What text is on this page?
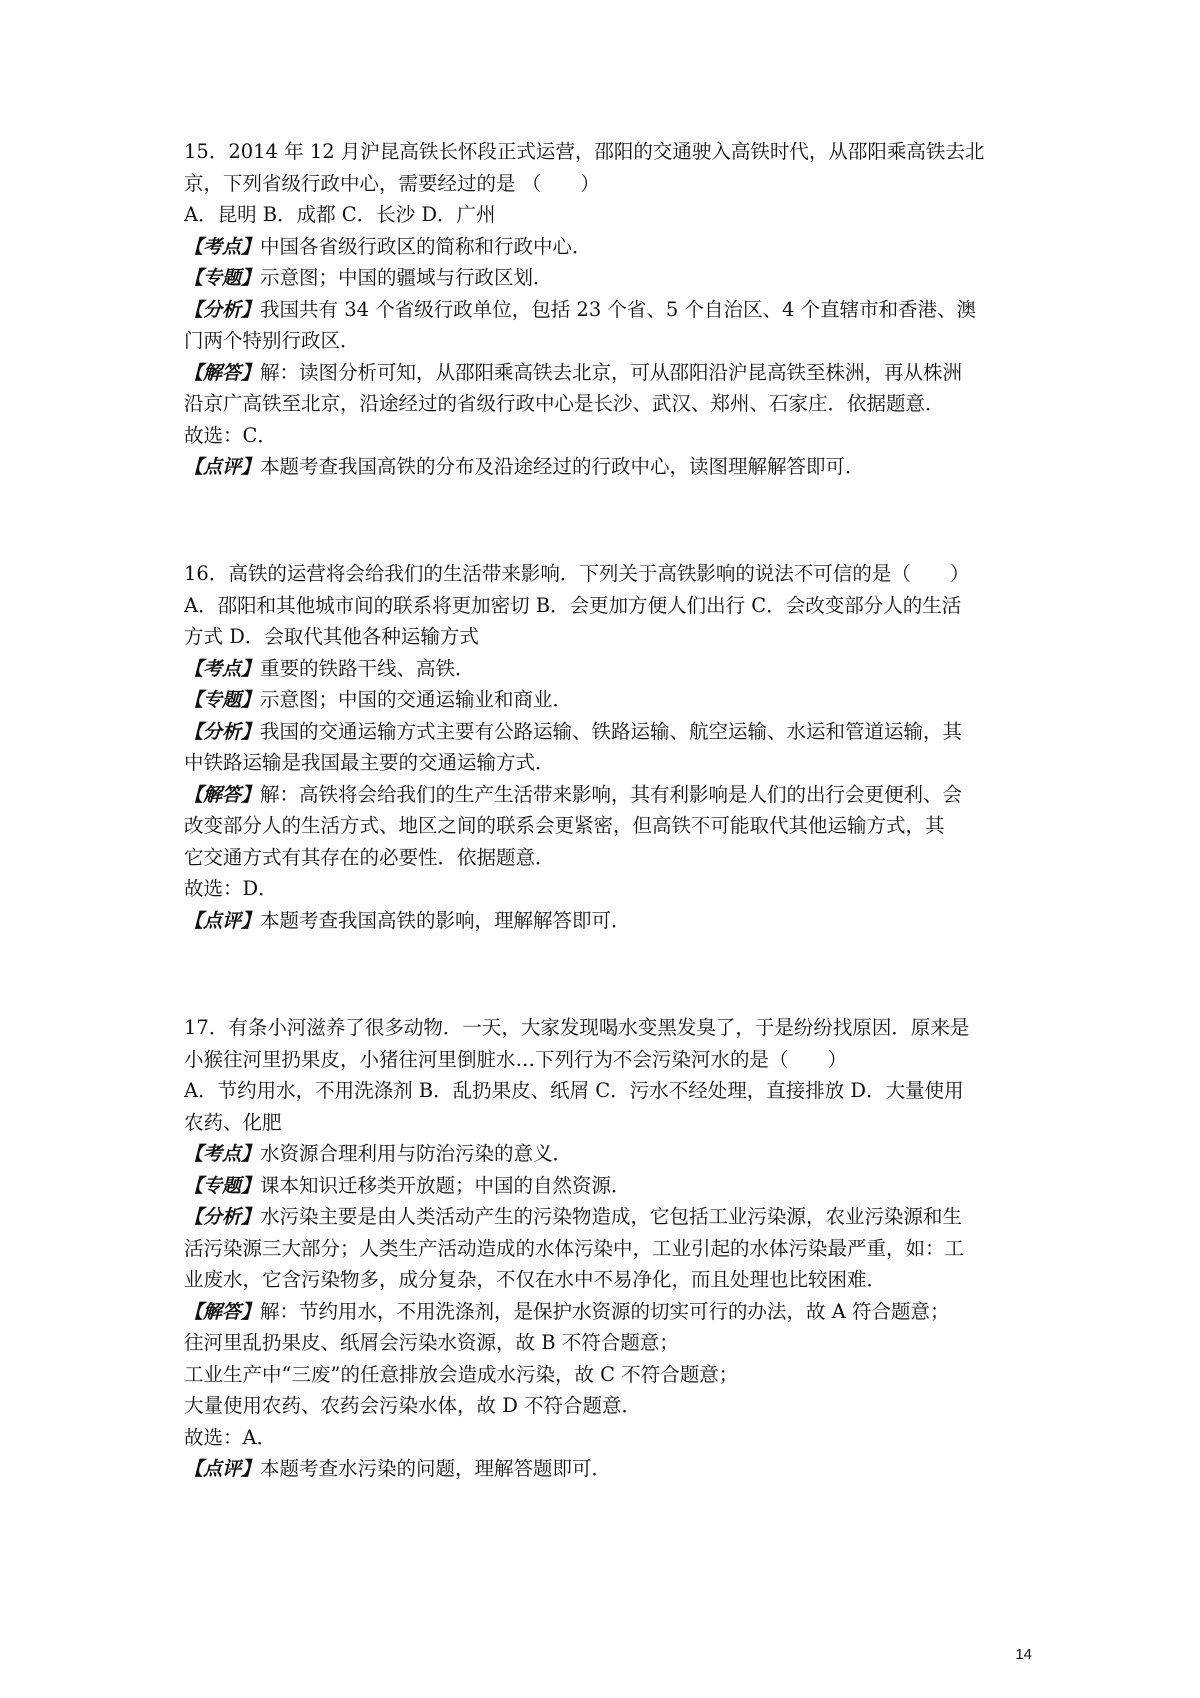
15．2014 年 12 月沪昆高铁长怀段正式运营，邵阳的交通驶入高铁时代，从邵阳乘高铁去北
京，下列省级行政中心，需要经过的是 （　　）
A．昆明 B．成都 C．长沙 D．广州
【考点】中国各省级行政区的简称和行政中心．
【专题】示意图；中国的疆域与行政区划．
【分析】我国共有 34 个省级行政单位，包括 23 个省、5 个自治区、4 个直辖市和香港、澳
门两个特别行政区．
【解答】解：读图分析可知，从邵阳乘高铁去北京，可从邵阳沿沪昆高铁至株洲，再从株洲
沿京广高铁至北京，沿途经过的省级行政中心是长沙、武汉、郑州、石家庄．依据题意．
故选：C．
【点评】本题考查我国高铁的分布及沿途经过的行政中心，读图理解解答即可．
16．高铁的运营将会给我们的生活带来影响．下列关于高铁影响的说法不可信的是（　　）
A．邵阳和其他城市间的联系将更加密切 B．会更加方便人们出行 C．会改变部分人的生活
方式 D．会取代其他各种运输方式
【考点】重要的铁路干线、高铁．
【专题】示意图；中国的交通运输业和商业．
【分析】我国的交通运输方式主要有公路运输、铁路运输、航空运输、水运和管道运输，其
中铁路运输是我国最主要的交通运输方式．
【解答】解：高铁将会给我们的生产生活带来影响，其有利影响是人们的出行会更便利、会
改变部分人的生活方式、地区之间的联系会更紧密，但高铁不可能取代其他运输方式，其
它交通方式有其存在的必要性．依据题意．
故选：D．
【点评】本题考查我国高铁的影响，理解解答即可．
17．有条小河滋养了很多动物．一天，大家发现喝水变黑发臭了，于是纷纷找原因．原来是
小猴往河里扔果皮，小猪往河里倒脏水…下列行为不会污染河水的是（　　）
A．节约用水，不用洗涤剂 B．乱扔果皮、纸屑 C．污水不经处理，直接排放 D．大量使用
农药、化肥
【考点】水资源合理利用与防治污染的意义．
【专题】课本知识迁移类开放题；中国的自然资源．
【分析】水污染主要是由人类活动产生的污染物造成，它包括工业污染源，农业污染源和生
活污染源三大部分；人类生产活动造成的水体污染中，工业引起的水体污染最严重，如：工
业废水，它含污染物多，成分复杂，不仅在水中不易净化，而且处理也比较困难．
【解答】解：节约用水，不用洗涤剂，是保护水资源的切实可行的办法，故 A 符合题意；
往河里乱扔果皮、纸屑会污染水资源，故 B 不符合题意；
工业生产中“三废”的任意排放会造成水污染，故 C 不符合题意；
大量使用农药、农药会污染水体，故 D 不符合题意．
故选：A．
【点评】本题考查水污染的问题，理解答题即可．
14
